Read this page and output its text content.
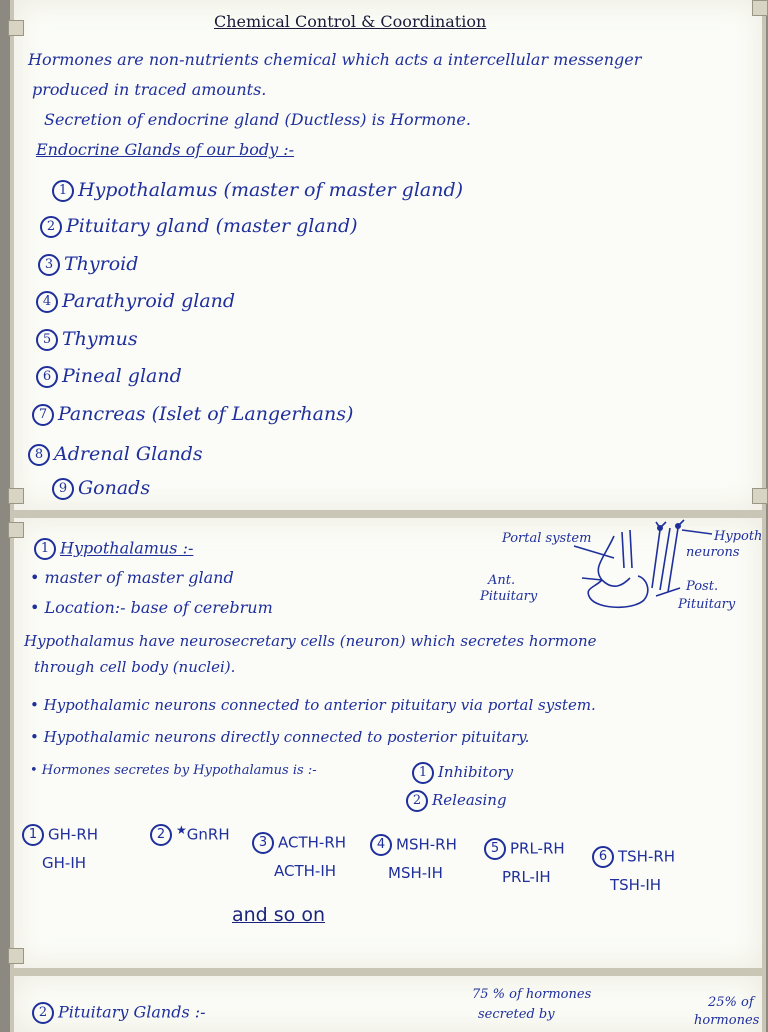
Chemical Control & Coordination
Hormones are non-nutrients chemical which acts a intercellular messenger
produced in traced amounts.
Secretion of endocrine gland (Ductless) is Hormone.
Endocrine Glands of our body :-
1 Hypothalamus (master of master gland)
2 Pituitary gland (master gland)
3 Thyroid
4 Parathyroid gland
5 Thymus
6 Pineal gland
7 Pancreas (Islet of Langerhans)
8 Adrenal Glands
9 Gonads
1 Hypothalamus :-
• master of master gland
• Location:- base of cerebrum
Hypothalamus have neurosecretary cells (neuron) which secretes hormone
through cell body (nuclei).
• Hypothalamic neurons connected to anterior pituitary via portal system.
• Hypothalamic neurons directly connected to posterior pituitary.
• Hormones secretes by Hypothalamus is :-	1 Inhibitory
2 Releasing
1 GH-RH
GH-IH
2 ★GnRH	3 ACTH-RH
ACTH-IH
4 MSH-RH
MSH-IH
5 PRL-RH
PRL-IH
6 TSH-RH
TSH-IH
and so on
Portal system	Hypoth
neurons
Ant.
Pituitary
Post.
Pituitary
2 Pituitary Glands :-
75 % of hormones
secreted by
25% of
hormones
